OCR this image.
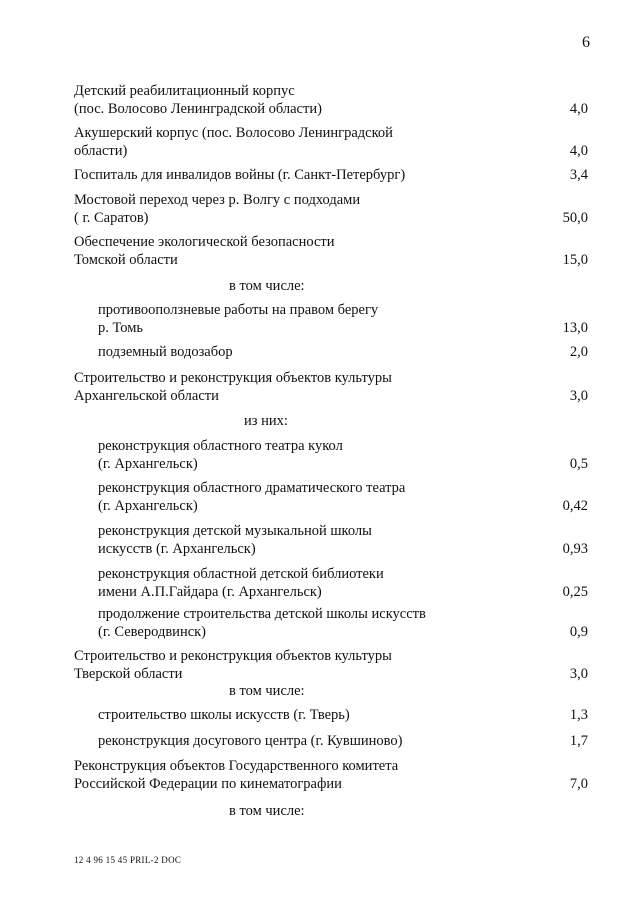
6
Детский реабилитационный корпус
(пос. Волосово Ленинградской области)	4,0
Акушерский корпус (пос. Волосово Ленинградской
области)	4,0
Госпиталь для инвалидов войны (г. Санкт-Петербург)	3,4
Мостовой переход через р. Волгу с подходами
( г. Саратов)	50,0
Обеспечение экологической безопасности
Томской области	15,0
в том числе:
противооползневые работы на правом берегу
р. Томь	13,0
подземный водозабор	2,0
Строительство и реконструкция объектов культуры
Архангельской области	3,0
из них:
реконструкция областного театра кукол
(г. Архангельск)	0,5
реконструкция областного драматического театра
(г. Архангельск)	0,42
реконструкция детской музыкальной школы
искусств (г. Архангельск)	0,93
реконструкция областной детской библиотеки
имени А.П.Гайдара (г. Архангельск)	0,25
продолжение строительства детской школы искусств
(г. Северодвинск)	0,9
Строительство и реконструкция объектов культуры
Тверской области	3,0
в том числе:
строительство школы искусств (г. Тверь)	1,3
реконструкция досугового центра (г. Кувшиново)	1,7
Реконструкция объектов Государственного комитета
Российской Федерации по кинематографии	7,0
в том числе:
12 4 96 15 45 PRIL-2 DOC
